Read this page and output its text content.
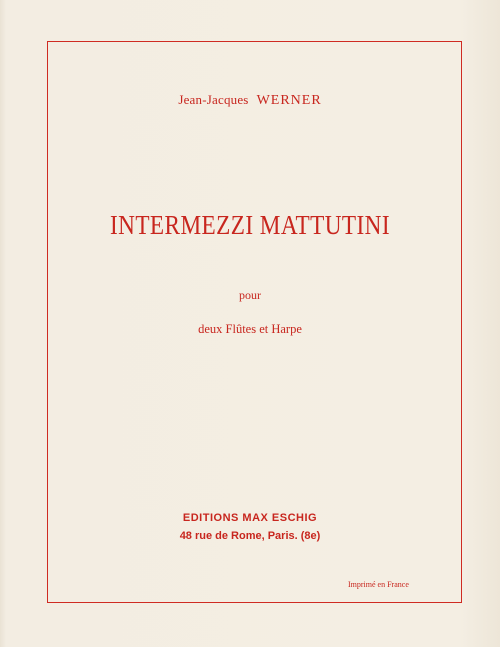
Jean-Jacques WERNER
INTERMEZZI MATTUTINI
pour
deux Flûtes et Harpe
EDITIONS MAX ESCHIG
48 rue de Rome, Paris. (8e)
Imprimé en France
